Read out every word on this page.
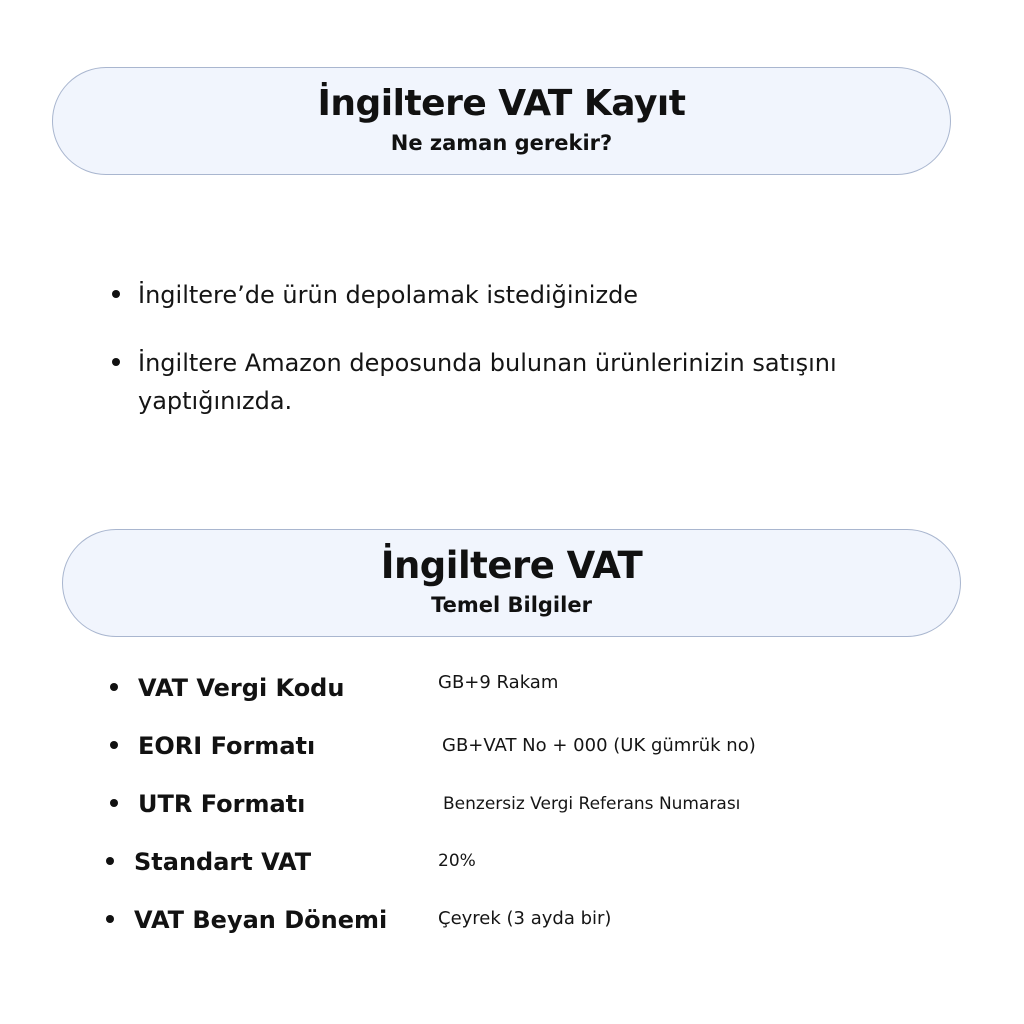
İngiltere VAT Kayıt
Ne zaman gerekir?
İngiltere’de ürün depolamak istediğinizde
İngiltere Amazon deposunda bulunan ürünlerinizin satışını yaptığınızda.
İngiltere VAT
Temel Bilgiler
VAT Vergi Kodu	GB+9 Rakam
EORI Formatı	GB+VAT No + 000 (UK gümrük no)
UTR Formatı	Benzersiz Vergi Referans Numarası
Standart VAT	20%
VAT Beyan Dönemi	Çeyrek (3 ayda bir)
